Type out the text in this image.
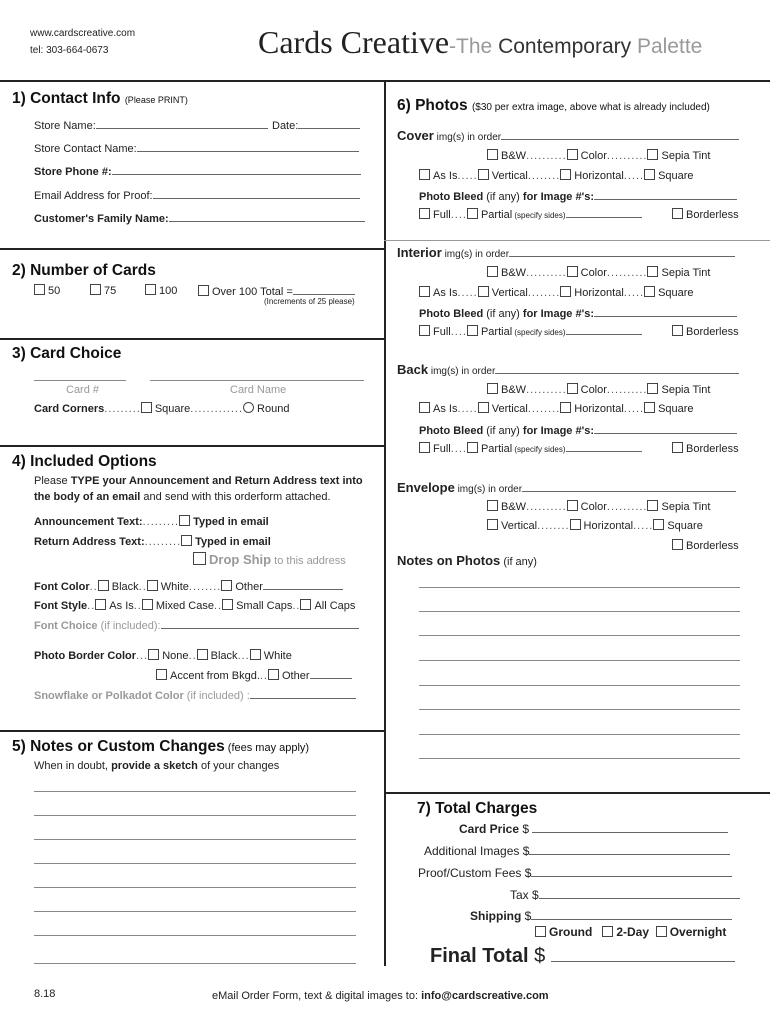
www.cardscreative.com
tel: 303-664-0673	Cards Creative-The Contemporary Palette
1) Contact Info (Please PRINT)
Store Name:	Date:
Store Contact Name:
Store Phone #:
Email Address for Proof:
Customer's Family Name:
2) Number of Cards
50	75	100	Over 100 Total =
(Increments of 25 please)
3) Card Choice
Card #	Card Name
Card Corners......... Square............. Round
4) Included Options
Please TYPE your Announcement and Return Address text into
the body of an email and send with this orderform attached.
Announcement Text:......... Typed in email
Return Address Text:......... Typed in email
Drop Ship to this address
Font Color.. Black.. White........ Other
Font Style.. As Is.. Mixed Case.. Small Caps.. All Caps
Font Choice (if included):
Photo Border Color... None.. Black... White
Accent from Bkgd... Other
Snowflake or Polkadot Color (if included) :
5) Notes or Custom Changes (fees may apply)
When in doubt, provide a sketch of your changes
6) Photos ($30 per extra image, above what is already included)
Cover img(s) in order
B&W.......... Color.......... Sepia Tint
As Is..... Vertical........ Horizontal..... Square
Photo Bleed (if any) for Image #'s:
Full.... Partial (specify sides)	Borderless
Interior img(s) in order
B&W.......... Color.......... Sepia Tint
As Is..... Vertical........ Horizontal..... Square
Photo Bleed (if any) for Image #'s:
Full.... Partial (specify sides)	Borderless
Back img(s) in order
B&W.......... Color.......... Sepia Tint
As Is..... Vertical........ Horizontal..... Square
Photo Bleed (if any) for Image #'s:
Full.... Partial (specify sides)	Borderless
Envelope img(s) in order
B&W.......... Color.......... Sepia Tint
Vertical........ Horizontal..... Square
Borderless
Notes on Photos (if any)
7) Total Charges
Card Price $
Additional Images $
Proof/Custom Fees $
Tax $
Shipping $
Ground 2-Day Overnight
Final Total $
8.18	eMail Order Form, text & digital images to: info@cardscreative.com
